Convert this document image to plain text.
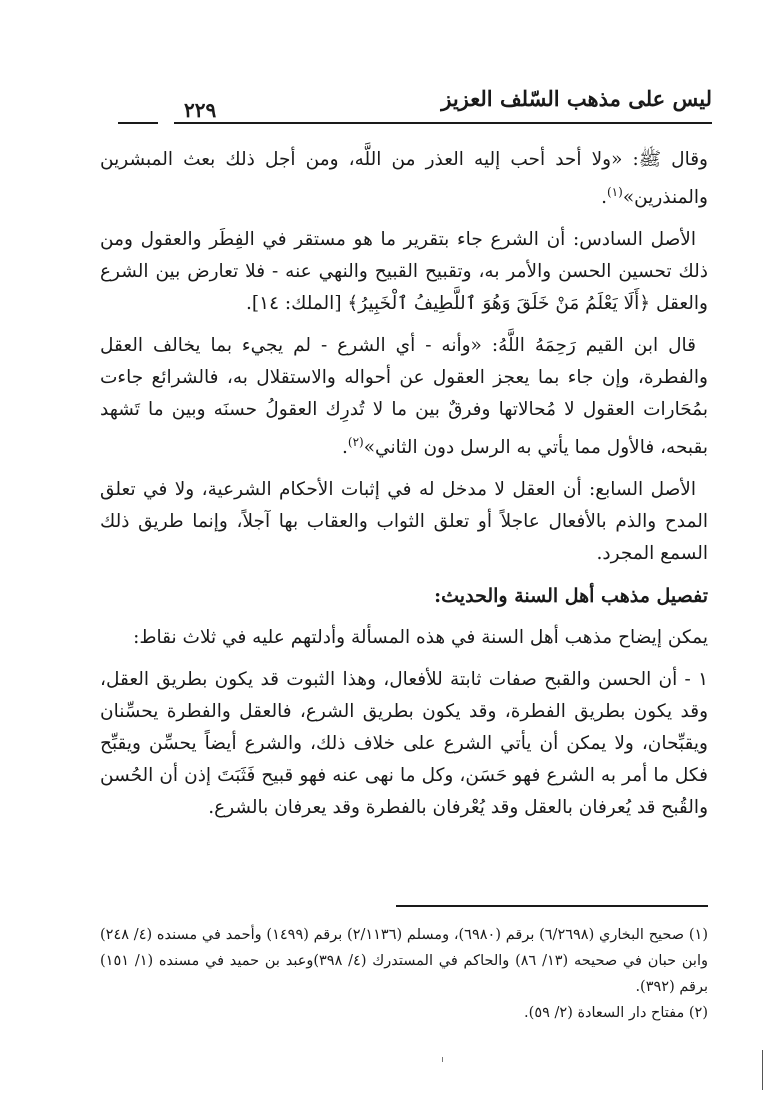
ليس على مذهب السّلف العزيز
٢٢٩

وقال ﷺ: «ولا أحد أحب إليه العذر من اللَّه، ومن أجل ذلك بعث المبشرين والمنذرين»$^{(١)}$.

الأصل السادس: أن الشرع جاء بتقرير ما هو مستقر في الفِطَر والعقول ومن ذلك تحسين الحسن والأمر به، وتقبيح القبيح والنهي عنه - فلا تعارض بين الشرع والعقل ﴿أَلَا يَعْلَمُ مَنْ خَلَقَ وَهُوَ ٱللَّطِيفُ ٱلْخَبِيرُ﴾ [الملك: ١٤].

قال ابن القيم رَحِمَهُ اللَّهُ: «وأنه - أي الشرع - لم يجيء بما يخالف العقل والفطرة، وإن جاء بما يعجز العقول عن أحواله والاستقلال به، فالشرائع جاءت بمُحَارات العقول لا مُحالاتها وفرقٌ بين ما لا تُدرِك العقولُ حسنَه وبين ما تَشهد بقبحه، فالأول مما يأتي به الرسل دون الثاني»$^{(٢)}$.

الأصل السابع: أن العقل لا مدخل له في إثبات الأحكام الشرعية، ولا في تعلق المدح والذم بالأفعال عاجلاً أو تعلق الثواب والعقاب بها آجلاً، وإنما طريق ذلك السمع المجرد.

تفصيل مذهب أهل السنة والحديث:

يمكن إيضاح مذهب أهل السنة في هذه المسألة وأدلتهم عليه في ثلاث نقاط:

١ - أن الحسن والقبح صفات ثابتة للأفعال، وهذا الثبوت قد يكون بطريق العقل، وقد يكون بطريق الفطرة، وقد يكون بطريق الشرع، فالعقل والفطرة يحسِّنان ويقبِّحان، ولا يمكن أن يأتي الشرع على خلاف ذلك، والشرع أيضاً يحسِّن ويقبِّح فكل ما أمر به الشرع فهو حَسَن، وكل ما نهى عنه فهو قبيح فَثَبَتَ إذن أن الحُسن والقُبح قد يُعرفان بالعقل وقد يُعْرفان بالفطرة وقد يعرفان بالشرع.

(١) صحيح البخاري (٦/٢٦٩٨) برقم (٦٩٨٠)، ومسلم (٢/١١٣٦) برقم (١٤٩٩) وأحمد في مسنده (٤/ ٢٤٨) وابن حبان في صحيحه (١٣/ ٨٦) والحاكم في المستدرك (٤/ ٣٩٨)وعبد بن حميد في مسنده (١/ ١٥١) برقم (٣٩٢).

(٢) مفتاح دار السعادة (٢/ ٥٩).
